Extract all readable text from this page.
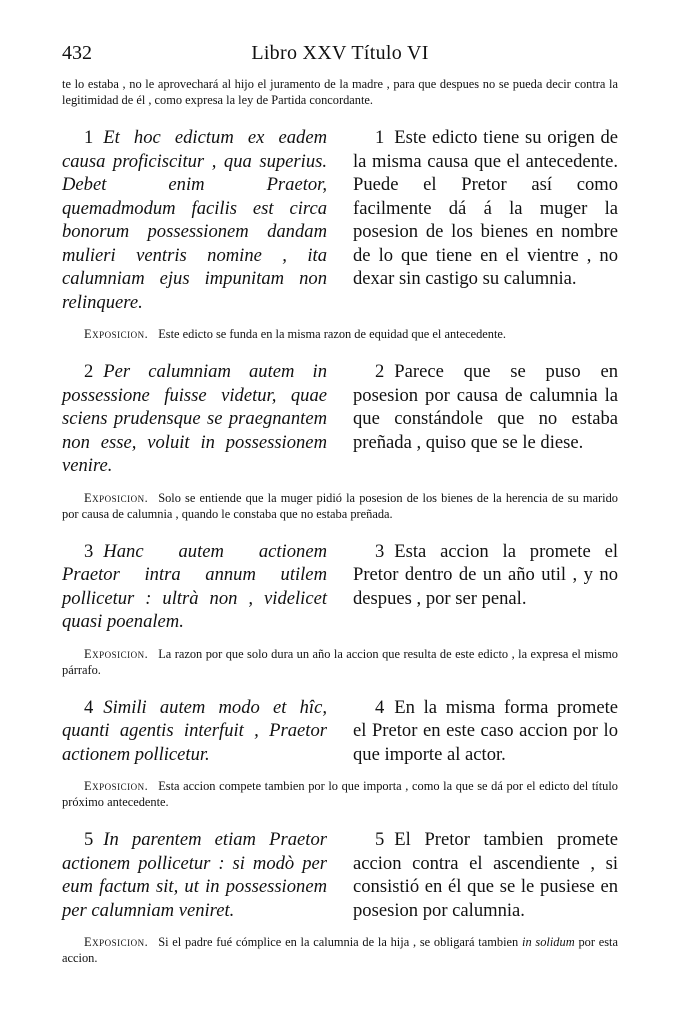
432	Libro XXV Título VI

te lo estaba , no le aprovechará al hijo el juramento de la madre , para que despues no se pueda decir contra la legitimidad de él , como expresa la ley de Partida concordante.

1 Et hoc edictum ex eadem causa proficiscitur , qua superius. Debet enim Praetor, quemadmodum facilis est circa bonorum possessionem dandam mulieri ventris nomine , ita calumniam ejus impunitam non relinquere.
1 Este edicto tiene su origen de la misma causa que el antecedente. Puede el Pretor así como facilmente dá á la muger la posesion de los bienes en nombre de lo que tiene en el vientre , no dexar sin castigo su calumnia.

Exposicion. Este edicto se funda en la misma razon de equidad que el antecedente.

2 Per calumniam autem in possessione fuisse videtur, quae sciens prudensque se praegnantem non esse, voluit in possessionem venire.
2 Parece que se puso en posesion por causa de calumnia la que constándole que no estaba preñada , quiso que se le diese.

Exposicion. Solo se entiende que la muger pidió la posesion de los bienes de la herencia de su marido por causa de calumnia , quando le constaba que no estaba preñada.

3 Hanc autem actionem Praetor intra annum utilem pollicetur : ultrà non , videlicet quasi poenalem.
3 Esta accion la promete el Pretor dentro de un año util , y no despues , por ser penal.

Exposicion. La razon por que solo dura un año la accion que resulta de este edicto , la expresa el mismo párrafo.

4 Simili autem modo et hîc, quanti agentis interfuit , Praetor actionem pollicetur.
4 En la misma forma promete el Pretor en este caso accion por lo que importe al actor.

Exposicion. Esta accion compete tambien por lo que importa , como la que se dá por el edicto del título próximo antecedente.

5 In parentem etiam Praetor actionem pollicetur : si modò per eum factum sit, ut in possessionem per calumniam veniret.
5 El Pretor tambien promete accion contra el ascendiente , si consistió en él que se le pusiese en posesion por calumnia.

Exposicion. Si el padre fué cómplice en la calumnia de la hija , se obligará tambien in solidum por esta accion.
